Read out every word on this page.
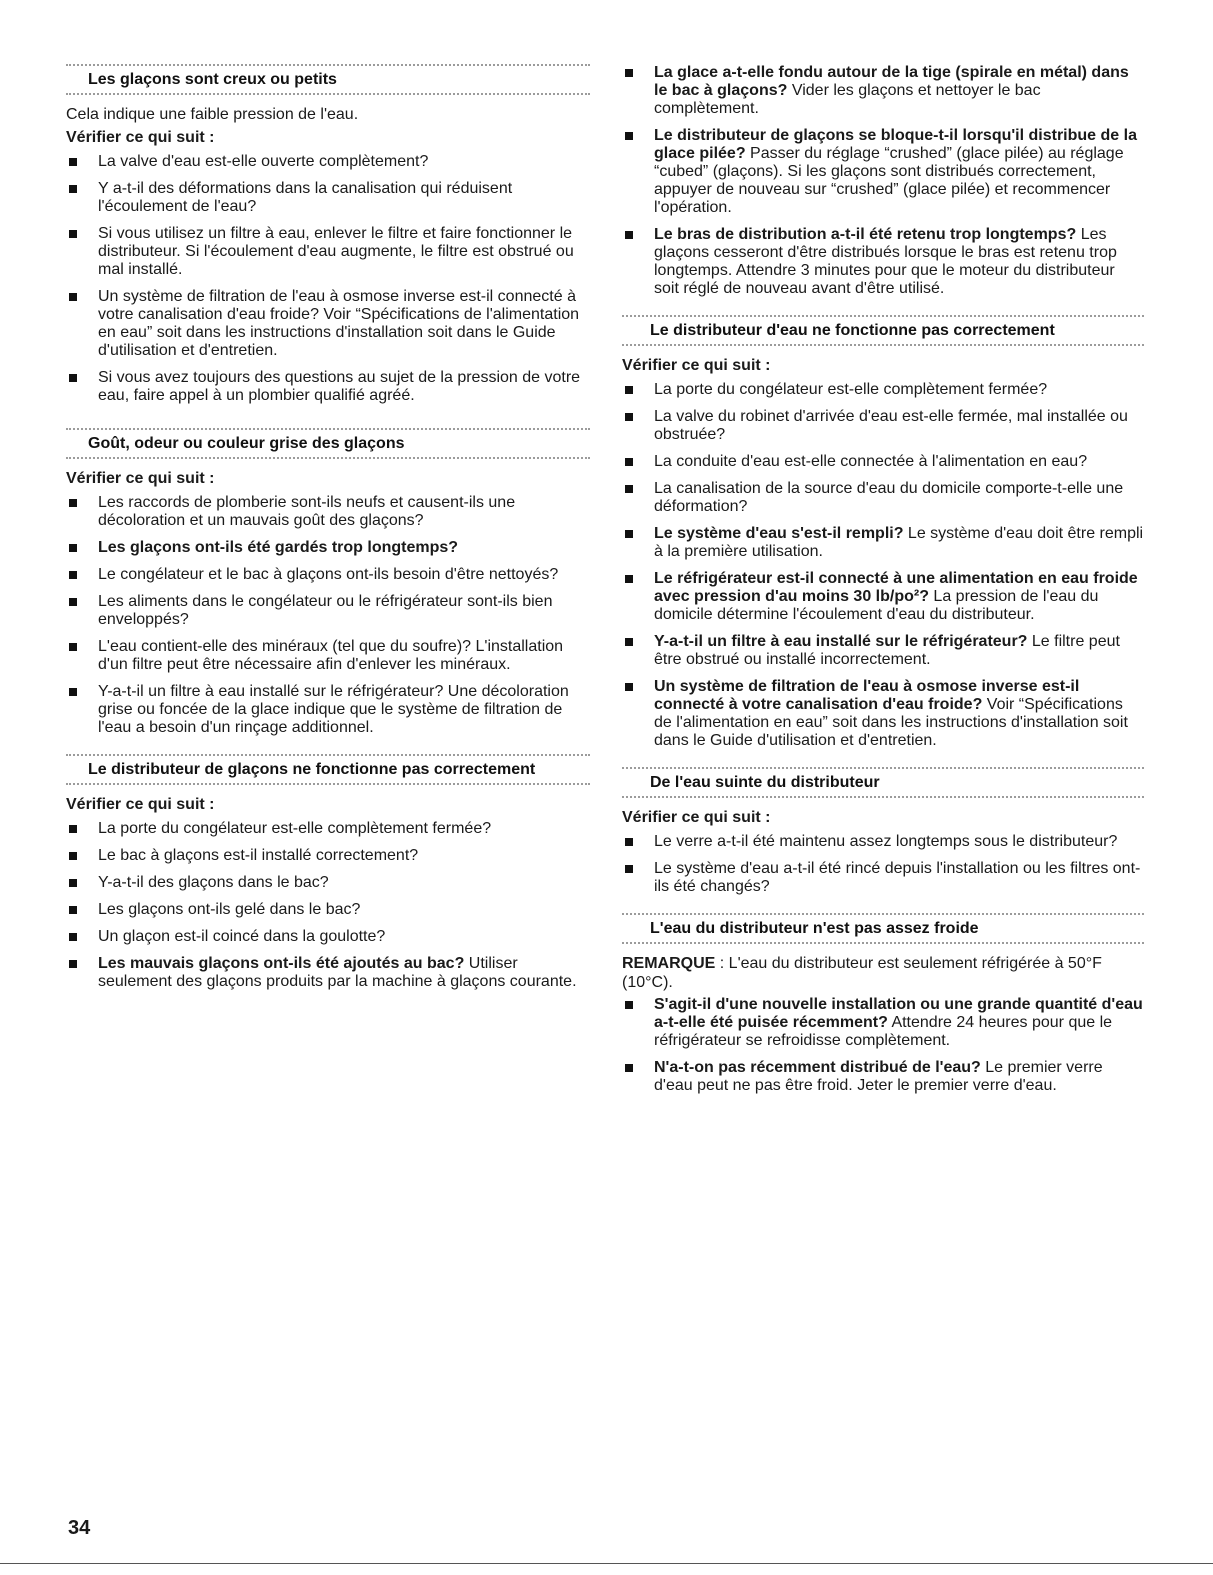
Les glaçons sont creux ou petits

Cela indique une faible pression de l'eau.

Vérifier ce qui suit :

La valve d'eau est-elle ouverte complètement?
Y a-t-il des déformations dans la canalisation qui réduisent l'écoulement de l'eau?
Si vous utilisez un filtre à eau, enlever le filtre et faire fonctionner le distributeur. Si l'écoulement d'eau augmente, le filtre est obstrué ou mal installé.
Un système de filtration de l'eau à osmose inverse est-il connecté à votre canalisation d'eau froide? Voir “Spécifications de l'alimentation en eau” soit dans les instructions d'installation soit dans le Guide d'utilisation et d'entretien.
Si vous avez toujours des questions au sujet de la pression de votre eau, faire appel à un plombier qualifié agréé.
Goût, odeur ou couleur grise des glaçons

Vérifier ce qui suit :

Les raccords de plomberie sont-ils neufs et causent-ils une décoloration et un mauvais goût des glaçons?
Les glaçons ont-ils été gardés trop longtemps?
Le congélateur et le bac à glaçons ont-ils besoin d'être nettoyés?
Les aliments dans le congélateur ou le réfrigérateur sont-ils bien enveloppés?
L'eau contient-elle des minéraux (tel que du soufre)? L'installation d'un filtre peut être nécessaire afin d'enlever les minéraux.
Y-a-t-il un filtre à eau installé sur le réfrigérateur? Une décoloration grise ou foncée de la glace indique que le système de filtration de l'eau a besoin d'un rinçage additionnel.
Le distributeur de glaçons ne fonctionne pas correctement

Vérifier ce qui suit :

La porte du congélateur est-elle complètement fermée?
Le bac à glaçons est-il installé correctement?
Y-a-t-il des glaçons dans le bac?
Les glaçons ont-ils gelé dans le bac?
Un glaçon est-il coincé dans la goulotte?
Les mauvais glaçons ont-ils été ajoutés au bac? Utiliser seulement des glaçons produits par la machine à glaçons courante.
La glace a-t-elle fondu autour de la tige (spirale en métal) dans le bac à glaçons? Vider les glaçons et nettoyer le bac complètement.
Le distributeur de glaçons se bloque-t-il lorsqu'il distribue de la glace pilée? Passer du réglage “crushed” (glace pilée) au réglage “cubed” (glaçons). Si les glaçons sont distribués correctement, appuyer de nouveau sur “crushed” (glace pilée) et recommencer l'opération.
Le bras de distribution a-t-il été retenu trop longtemps? Les glaçons cesseront d'être distribués lorsque le bras est retenu trop longtemps. Attendre 3 minutes pour que le moteur du distributeur soit réglé de nouveau avant d'être utilisé.
Le distributeur d'eau ne fonctionne pas correctement

Vérifier ce qui suit :

La porte du congélateur est-elle complètement fermée?
La valve du robinet d'arrivée d'eau est-elle fermée, mal installée ou obstruée?
La conduite d'eau est-elle connectée à l'alimentation en eau?
La canalisation de la source d'eau du domicile comporte-t-elle une déformation?
Le système d'eau s'est-il rempli? Le système d'eau doit être rempli à la première utilisation.
Le réfrigérateur est-il connecté à une alimentation en eau froide avec pression d'au moins 30 lb/po²? La pression de l'eau du domicile détermine l'écoulement d'eau du distributeur.
Y-a-t-il un filtre à eau installé sur le réfrigérateur? Le filtre peut être obstrué ou installé incorrectement.
Un système de filtration de l'eau à osmose inverse est-il connecté à votre canalisation d'eau froide? Voir “Spécifications de l'alimentation en eau” soit dans les instructions d'installation soit dans le Guide d'utilisation et d'entretien.
De l'eau suinte du distributeur

Vérifier ce qui suit :

Le verre a-t-il été maintenu assez longtemps sous le distributeur?
Le système d'eau a-t-il été rincé depuis l'installation ou les filtres ont-ils été changés?
L'eau du distributeur n'est pas assez froide

REMARQUE : L'eau du distributeur est seulement réfrigérée à 50°F (10°C).

S'agit-il d'une nouvelle installation ou une grande quantité d'eau a-t-elle été puisée récemment? Attendre 24 heures pour que le réfrigérateur se refroidisse complètement.
N'a-t-on pas récemment distribué de l'eau? Le premier verre d'eau peut ne pas être froid. Jeter le premier verre d'eau.
34
